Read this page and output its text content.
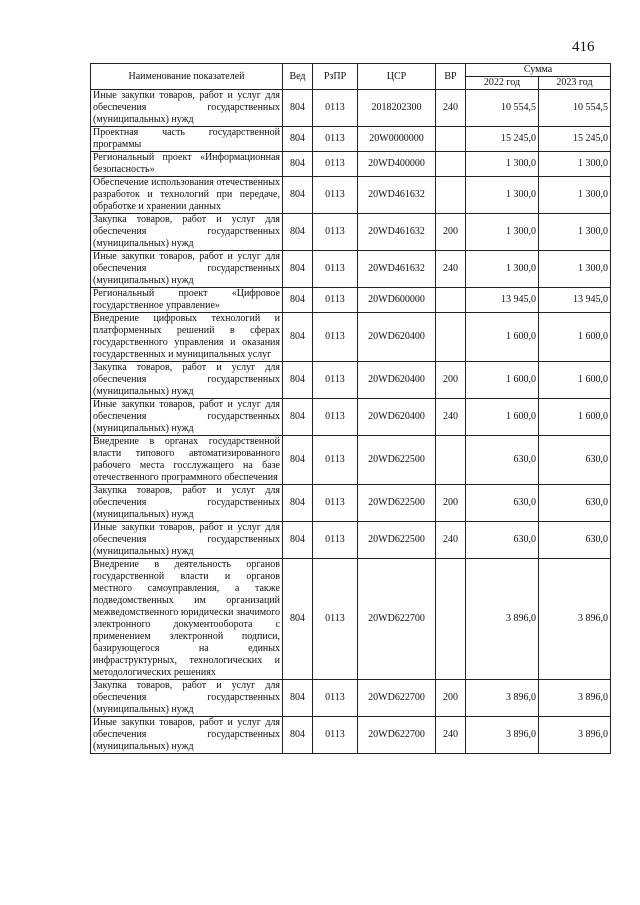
416
Наименование показателей	Вед	РзПР	ЦСР	ВР	Сумма	
					2022 год	2023 год
Иные закупки товаров, работ и услуг для обеспечения государственных (муниципальных) нужд	804	0113	2018202300	240	10 554,5	10 554,5
Проектная часть государственной программы	804	0113	20W0000000		15 245,0	15 245,0
Региональный проект «Информационная безопасность»	804	0113	20WD400000		1 300,0	1 300,0
Обеспечение использования отечественных разработок и технологий при передаче, обработке и хранении данных	804	0113	20WD461632		1 300,0	1 300,0
Закупка товаров, работ и услуг для обеспечения государственных (муниципальных) нужд	804	0113	20WD461632	200	1 300,0	1 300,0
Иные закупки товаров, работ и услуг для обеспечения государственных (муниципальных) нужд	804	0113	20WD461632	240	1 300,0	1 300,0
Региональный проект «Цифровое государственное управление»	804	0113	20WD600000		13 945,0	13 945,0
Внедрение цифровых технологий и платформенных решений в сферах государственного управления и оказания государственных и муниципальных услуг	804	0113	20WD620400		1 600,0	1 600,0
Закупка товаров, работ и услуг для обеспечения государственных (муниципальных) нужд	804	0113	20WD620400	200	1 600,0	1 600,0
Иные закупки товаров, работ и услуг для обеспечения государственных (муниципальных) нужд	804	0113	20WD620400	240	1 600,0	1 600,0
Внедрение в органах государственной власти типового автоматизированного рабочего места госслужащего на базе отечественного программного обеспечения	804	0113	20WD622500		630,0	630,0
Закупка товаров, работ и услуг для обеспечения государственных (муниципальных) нужд	804	0113	20WD622500	200	630,0	630,0
Иные закупки товаров, работ и услуг для обеспечения государственных (муниципальных) нужд	804	0113	20WD622500	240	630,0	630,0
Внедрение в деятельность органов государственной власти и органов местного самоуправления, а также подведомственных им организаций межведомственного юридически значимого электронного документооборота с применением электронной подписи, базирующегося на единых инфраструктурных, технологических и методологических решениях	804	0113	20WD622700		3 896,0	3 896,0
Закупка товаров, работ и услуг для обеспечения государственных (муниципальных) нужд	804	0113	20WD622700	200	3 896,0	3 896,0
Иные закупки товаров, работ и услуг для обеспечения государственных (муниципальных) нужд	804	0113	20WD622700	240	3 896,0	3 896,0
